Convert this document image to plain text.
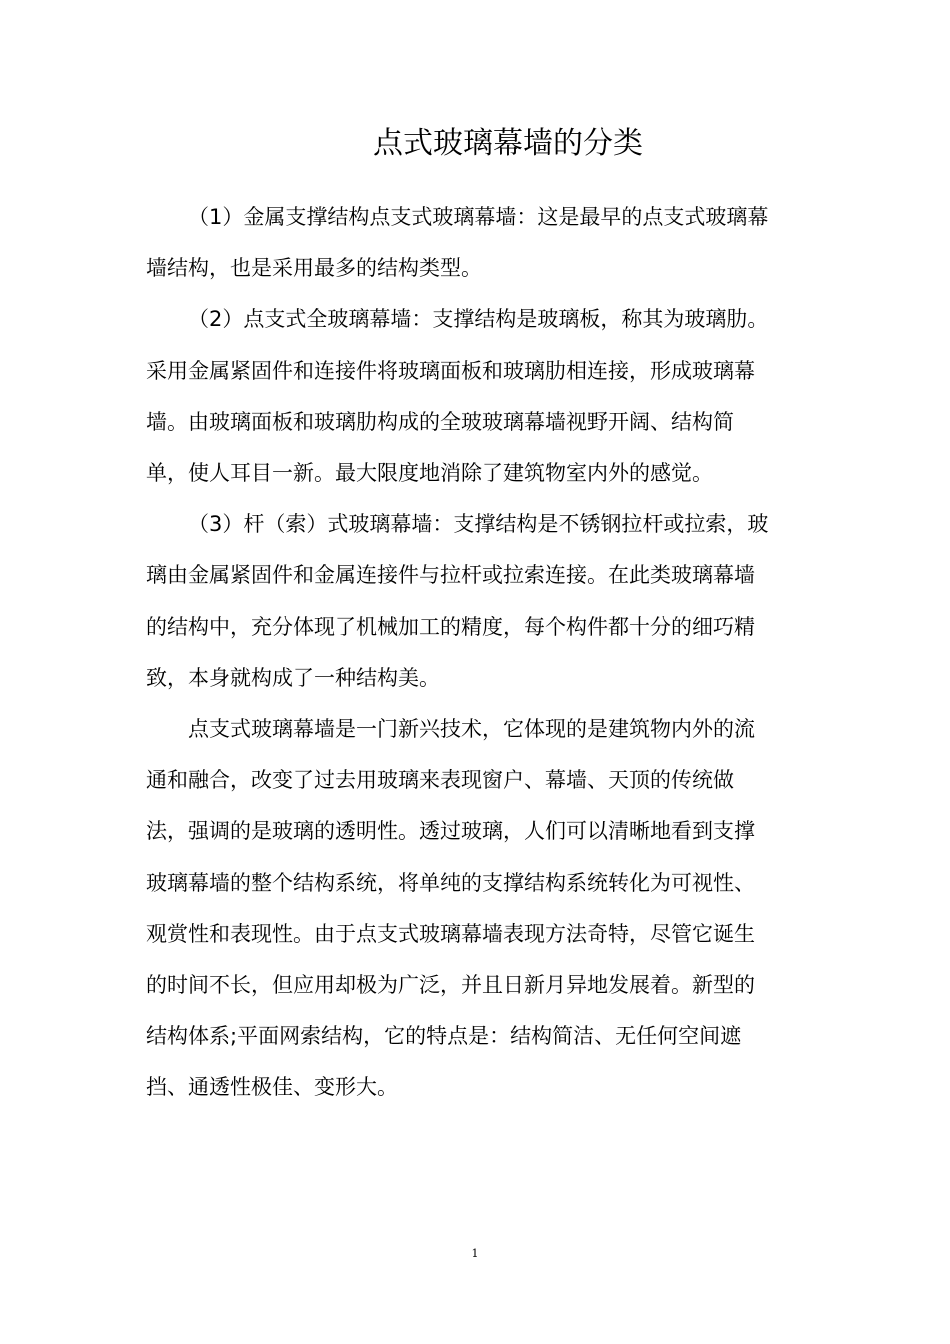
点式玻璃幕墙的分类

（1）金属支撑结构点支式玻璃幕墙：这是最早的点支式玻璃幕
墙结构，也是采用最多的结构类型。

（2）点支式全玻璃幕墙：支撑结构是玻璃板，称其为玻璃肋。
采用金属紧固件和连接件将玻璃面板和玻璃肋相连接，形成玻璃幕
墙。由玻璃面板和玻璃肋构成的全玻玻璃幕墙视野开阔、结构简
单，使人耳目一新。最大限度地消除了建筑物室内外的感觉。

（3）杆（索）式玻璃幕墙：支撑结构是不锈钢拉杆或拉索，玻
璃由金属紧固件和金属连接件与拉杆或拉索连接。在此类玻璃幕墙
的结构中，充分体现了机械加工的精度，每个构件都十分的细巧精
致，本身就构成了一种结构美。

点支式玻璃幕墙是一门新兴技术，它体现的是建筑物内外的流
通和融合，改变了过去用玻璃来表现窗户、幕墙、天顶的传统做
法，强调的是玻璃的透明性。透过玻璃，人们可以清晰地看到支撑
玻璃幕墙的整个结构系统，将单纯的支撑结构系统转化为可视性、
观赏性和表现性。由于点支式玻璃幕墙表现方法奇特，尽管它诞生
的时间不长，但应用却极为广泛，并且日新月异地发展着。新型的
结构体系;平面网索结构，它的特点是：结构简洁、无任何空间遮
挡、通透性极佳、变形大。

1
